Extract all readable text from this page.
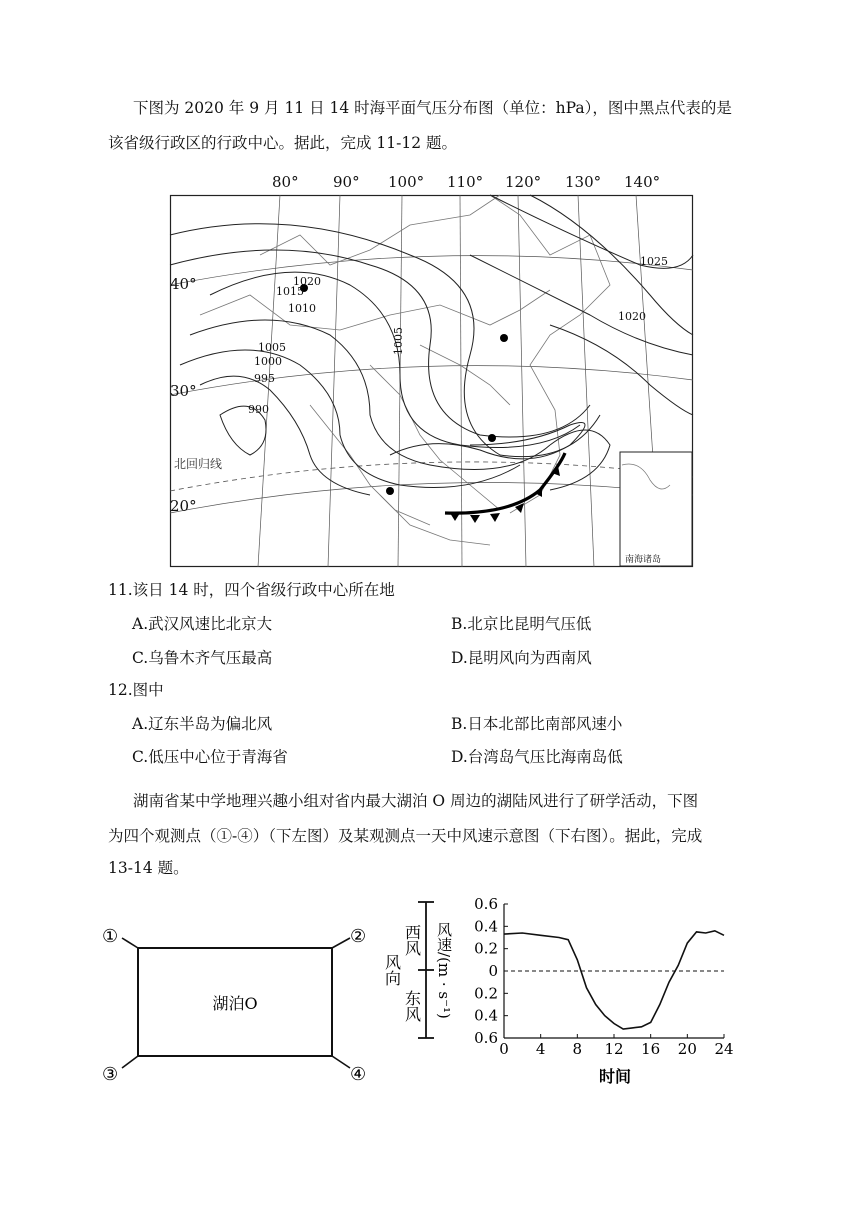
下图为 2020 年 9 月 11 日 14 时海平面气压分布图（单位：hPa），图中黑点代表的是
该省级行政区的行政中心。据此，完成 11-12 题。
80° 90° 100° 110° 120° 130° 140°
1020
1015
1010
1005
1000
995
990
1005
1025
1020
北回归线
南海诸岛
40°
30°
20°
11.该日 14 时，四个省级行政中心所在地
A.武汉风速比北京大	B.北京比昆明气压低
C.乌鲁木齐气压最高	D.昆明风向为西南风
12.图中
A.辽东半岛为偏北风	B.日本北部比南部风速小
C.低压中心位于青海省	D.台湾岛气压比海南岛低
湖南省某中学地理兴趣小组对省内最大湖泊 O 周边的湖陆风进行了研学活动，下图
为四个观测点（①-④）（下左图）及某观测点一天中风速示意图（下右图）。据此，完成
13-14 题。
湖泊O
①	②
③	④
西风
风向
东风 风速/(m · s⁻¹)
0.6
0.4
0.2
0
0.2
0.4
0.6
0 4 8 12 16 20 24
时间
